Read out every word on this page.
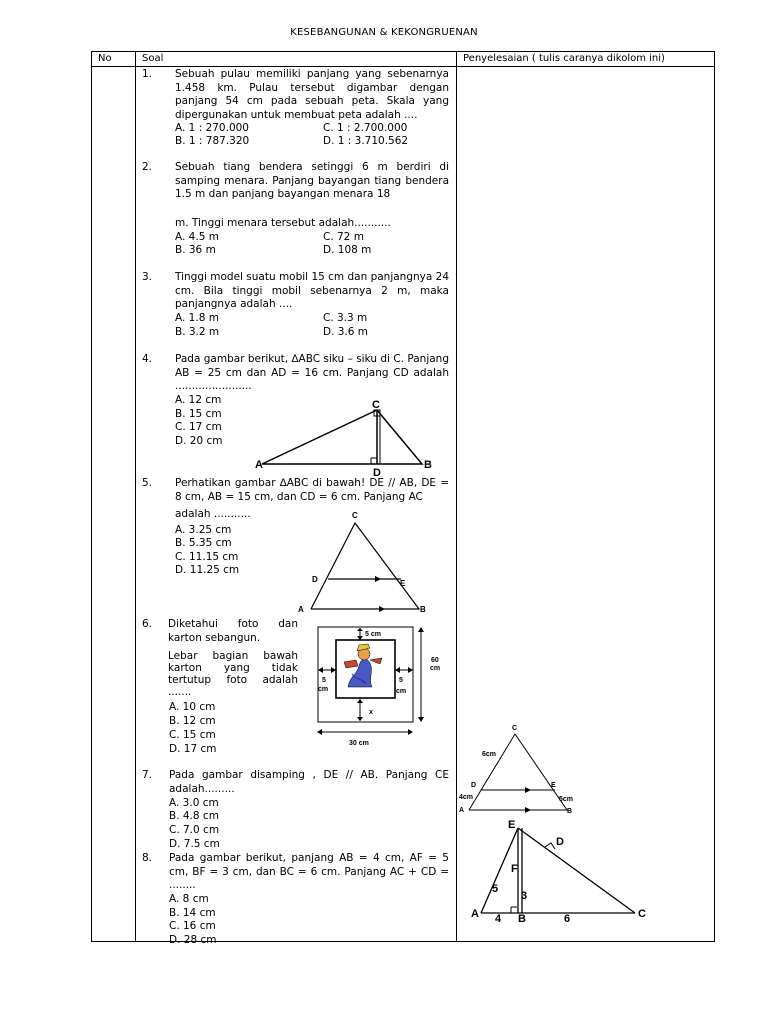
KESEBANGUNAN & KEKONGRUENAN
No	Soal	Penyelesaian ( tulis caranya dikolom ini)
1. Sebuah pulau memiliki panjang yang sebenarnya 1.458 km. Pulau tersebut digambar dengan panjang 54 cm pada sebuah peta. Skala yang dipergunakan untuk membuat peta adalah ....
A. 1 : 270.000	C. 1 : 2.700.000
B. 1 : 787.320	D. 1 : 3.710.562
2. Sebuah tiang bendera setinggi 6 m berdiri di samping menara. Panjang bayangan tiang bendera 1.5 m dan panjang bayangan menara 18
m. Tinggi menara tersebut adalah...........
A. 4.5 m	C. 72 m
B. 36 m	D. 108 m
3. Tinggi model suatu mobil 15 cm dan panjangnya 24 cm. Bila tinggi mobil sebenarnya 2 m, maka panjangnya adalah ....
A. 1.8 m	C. 3.3 m
B. 3.2 m	D. 3.6 m
4. Pada gambar berikut, ∆ABC siku – siku di C. Panjang AB = 25 cm dan AD = 16 cm. Panjang CD adalah .......................
A. 12 cm
B. 15 cm
C. 17 cm
D. 20 cm
A	B
C
D
5. Perhatikan gambar ∆ABC di bawah! DE // AB, DE = 8 cm, AB = 15 cm, dan CD = 6 cm. Panjang AC
adalah ...........
A. 3.25 cm
B. 5.35 cm
C. 11.15 cm
D. 11.25 cm
C
D	E
A	B
6. Diketahui foto dan karton sebangun.
Lebar bagian bawah karton yang tidak tertutup foto adalah .......
A. 10 cm
B. 12 cm
C. 15 cm
D. 17 cm
5 cm
60
cm
5
cm
5
cm
x
30 cm
7. Pada gambar disamping , DE // AB. Panjang CE adalah.........
A. 3.0 cm
B. 4.8 cm
C. 7.0 cm
D. 7.5 cm
C
6cm
D	E
4cm	5cm
A	B
8. Pada gambar berikut, panjang AB = 4 cm, AF = 5 cm, BF = 3 cm, dan BC = 6 cm. Panjang AC + CD = ........
A. 8 cm
B. 14 cm
C. 16 cm
D. 28 cm
E
D
F
5
3
A 4 B	6	C
